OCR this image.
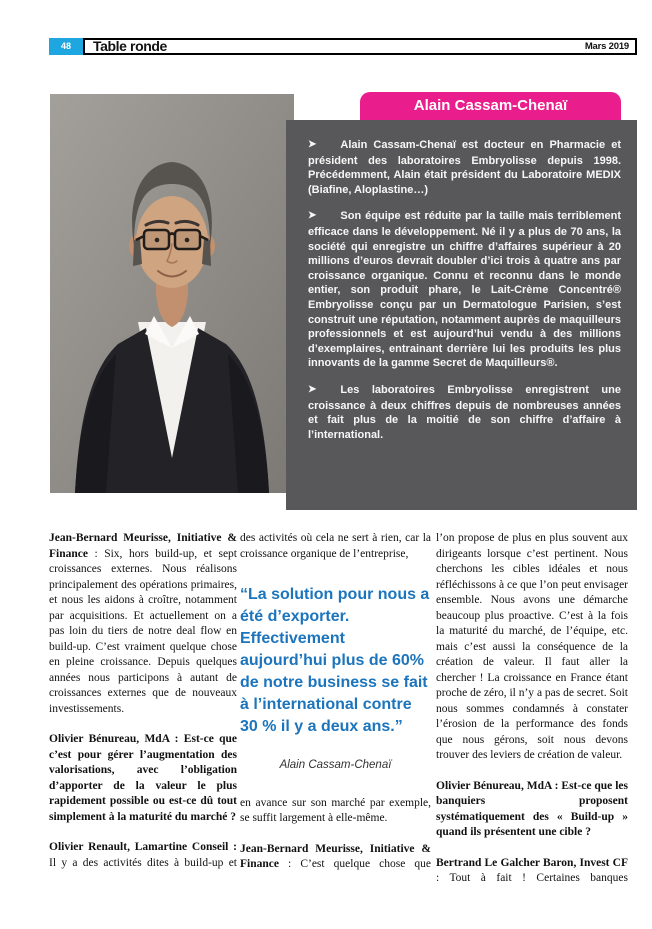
48	Table ronde	Mars 2019

➤ Alain Cassam-Chenaï est docteur en Pharmacie et président des laboratoires Embryolisse depuis 1998. Précédemment, Alain était président du Laboratoire MEDIX (Biafine, Aloplastine…)

➤ Son équipe est réduite par la taille mais terriblement efficace dans le développement. Né il y a plus de 70 ans, la société qui enregistre un chiffre d’affaires supérieur à 20 millions d’euros devrait doubler d’ici trois à quatre ans par croissance organique. Connu et reconnu dans le monde entier, son produit phare, le Lait-Crème Concentré® Embryolisse conçu par un Dermatologue Parisien, s’est construit une réputation, notamment auprès de maquilleurs professionnels et est aujourd’hui vendu à des millions d’exemplaires, entrainant derrière lui les produits les plus innovants de la gamme Secret de Maquilleurs®.

➤ Les laboratoires Embryolisse enregistrent une croissance à deux chiffres depuis de nombreuses années et fait plus de la moitié de son chiffre d’affaire à l’international.

Alain Cassam-Chenaï

Jean-Bernard Meurisse, Initiative & Finance : Six, hors build-up, et sept croissances externes. Nous réalisons principalement des opérations primaires, et nous les aidons à croître, notamment par acquisitions. Et actuellement on a pas loin du tiers de notre deal flow en build-up. C’est vraiment quelque chose en pleine croissance. Depuis quelques années nous participons à autant de croissances externes que de nouveaux investissements.

Olivier Bénureau, MdA : Est-ce que c’est pour gérer l’augmentation des valorisations, avec l’obligation d’apporter de la valeur le plus rapidement possible ou est-ce dû tout simplement à la maturité du marché ?

Olivier Renault, Lamartine Conseil : Il y a des activités dites à build-up et

des activités où cela ne sert à rien, car la croissance organique de l’entreprise,

“La solution pour nous a été d’exporter. Effectivement aujourd’hui plus de 60% de notre business se fait à l’international contre 30 % il y a deux ans.”
Alain Cassam-Chenaï

en avance sur son marché par exemple, se suffit largement à elle-même.

Jean-Bernard Meurisse, Initiative & Finance : C’est quelque chose que

l’on propose de plus en plus souvent aux dirigeants lorsque c’est pertinent. Nous cherchons les cibles idéales et nous réfléchissons à ce que l’on peut envisager ensemble. Nous avons une démarche beaucoup plus proactive. C’est à la fois la maturité du marché, de l’équipe, etc. mais c’est aussi la conséquence de la création de valeur. Il faut aller la chercher ! La croissance en France étant proche de zéro, il n’y a pas de secret. Soit nous sommes condamnés à constater l’érosion de la performance des fonds que nous gérons, soit nous devons trouver des leviers de création de valeur.

Olivier Bénureau, MdA : Est-ce que les banquiers proposent systématiquement des « Build-up » quand ils présentent une cible ?

Bertrand Le Galcher Baron, Invest CF : Tout à fait ! Certaines banques
